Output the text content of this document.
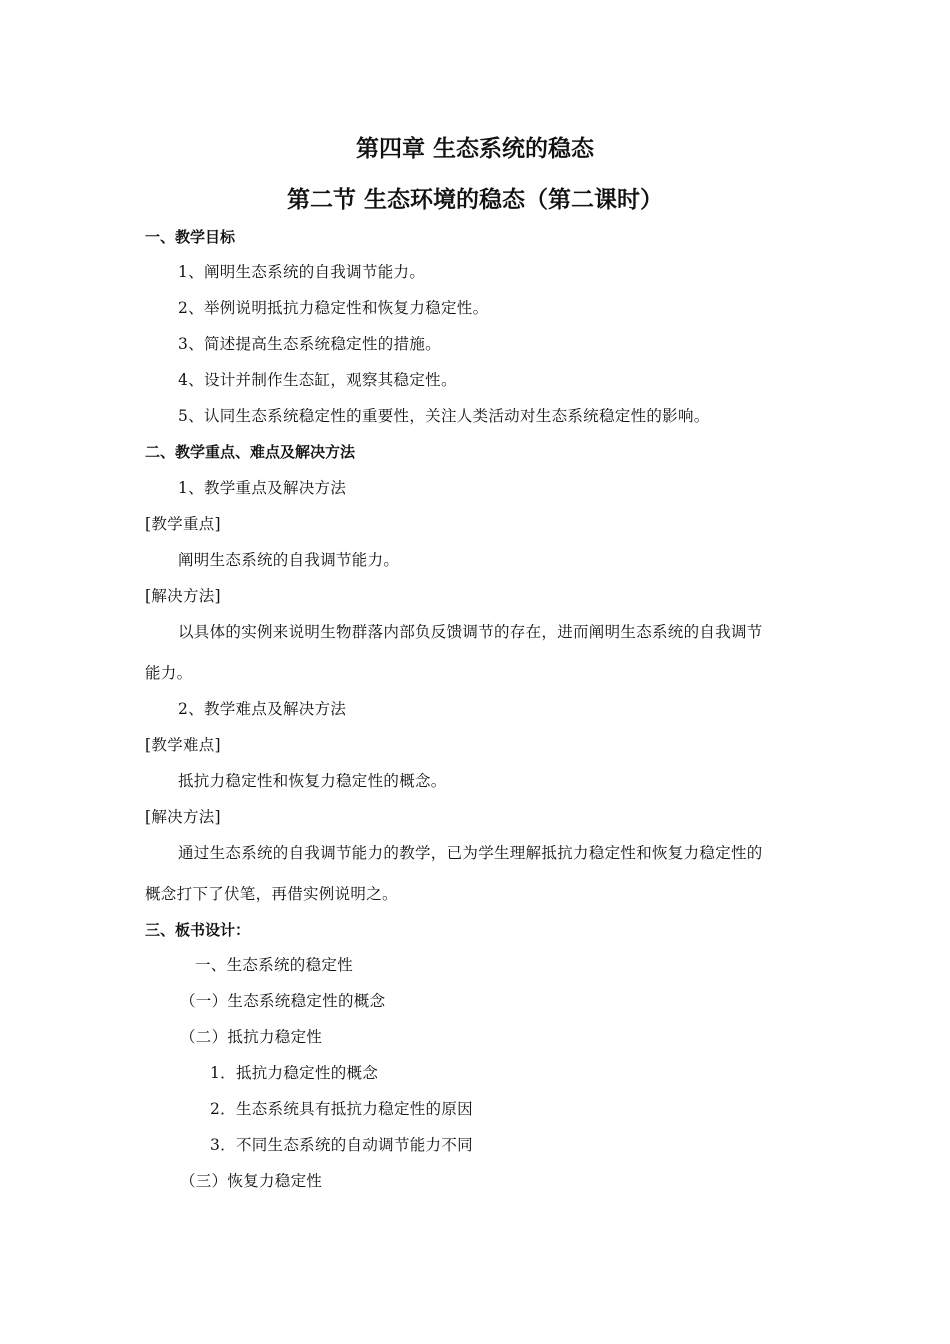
第四章 生态系统的稳态
第二节 生态环境的稳态（第二课时）
一、教学目标
1、阐明生态系统的自我调节能力。
2、举例说明抵抗力稳定性和恢复力稳定性。
3、简述提高生态系统稳定性的措施。
4、设计并制作生态缸，观察其稳定性。
5、认同生态系统稳定性的重要性，关注人类活动对生态系统稳定性的影响。
二、教学重点、难点及解决方法
1、教学重点及解决方法
[教学重点]
阐明生态系统的自我调节能力。
[解决方法]
以具体的实例来说明生物群落内部负反馈调节的存在，进而阐明生态系统的自我调节
能力。
2、教学难点及解决方法
[教学难点]
抵抗力稳定性和恢复力稳定性的概念。
[解决方法]
通过生态系统的自我调节能力的教学，已为学生理解抵抗力稳定性和恢复力稳定性的
概念打下了伏笔，再借实例说明之。
三、板书设计：
一、生态系统的稳定性
（一）生态系统稳定性的概念
（二）抵抗力稳定性
1．抵抗力稳定性的概念
2．生态系统具有抵抗力稳定性的原因
3．不同生态系统的自动调节能力不同
（三）恢复力稳定性
